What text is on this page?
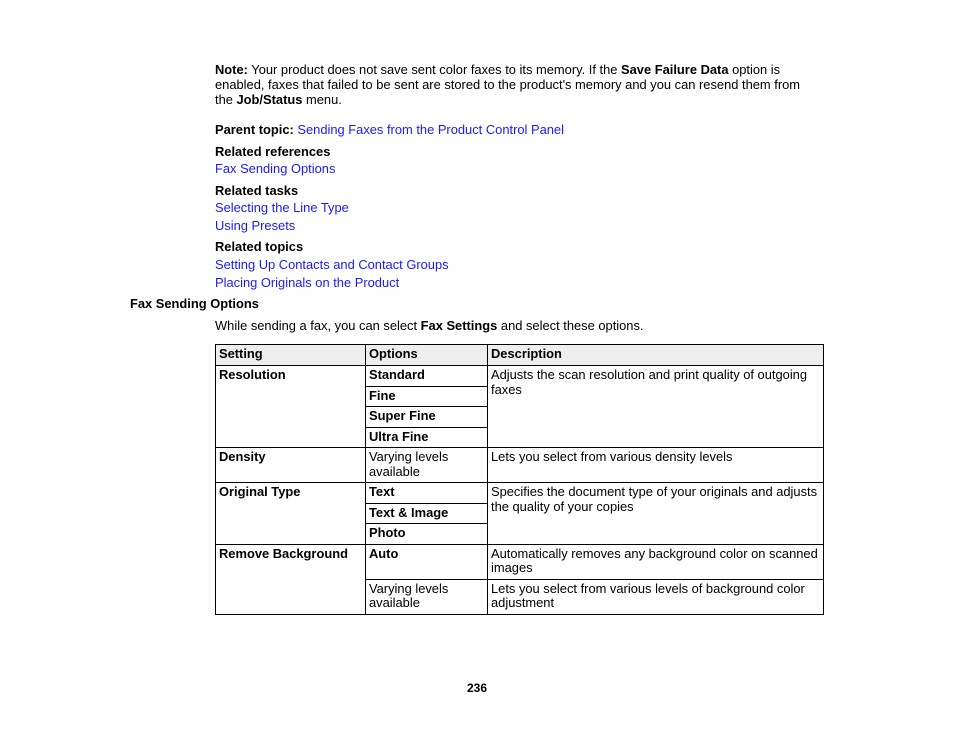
Note: Your product does not save sent color faxes to its memory. If the Save Failure Data option is enabled, faxes that failed to be sent are stored to the product's memory and you can resend them from the Job/Status menu.
Parent topic: Sending Faxes from the Product Control Panel
Related references
Fax Sending Options
Related tasks
Selecting the Line Type
Using Presets
Related topics
Setting Up Contacts and Contact Groups
Placing Originals on the Product
Fax Sending Options
While sending a fax, you can select Fax Settings and select these options.
Setting	Options	Description
Resolution	Standard	Adjusts the scan resolution and print quality of outgoing faxes
	Fine	
	Super Fine	
	Ultra Fine	
Density	Varying levels available	Lets you select from various density levels
Original Type	Text	Specifies the document type of your originals and adjusts the quality of your copies
	Text & Image	
	Photo	
Remove Background	Auto	Automatically removes any background color on scanned images
	Varying levels available	Lets you select from various levels of background color adjustment
236
